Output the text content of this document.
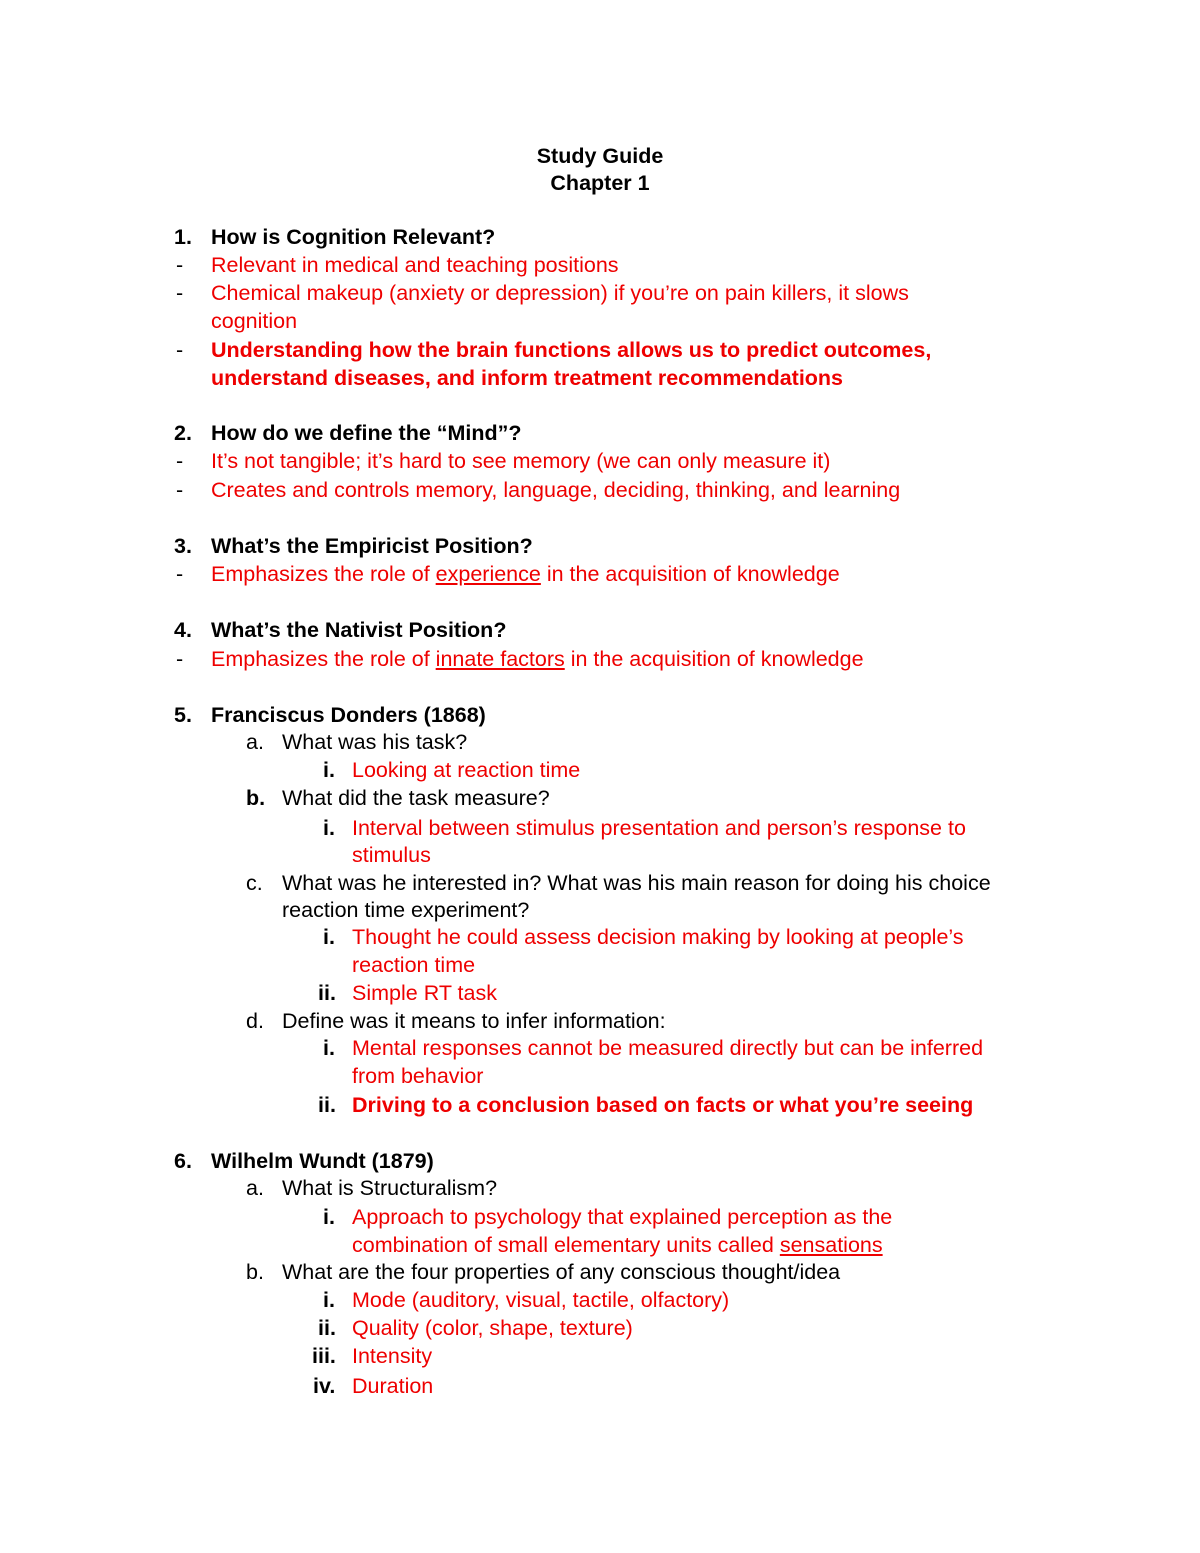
Study Guide
Chapter 1
1. How is Cognition Relevant?
- Relevant in medical and teaching positions
- Chemical makeup (anxiety or depression) if you’re on pain killers, it slows
cognition
- Understanding how the brain functions allows us to predict outcomes,
understand diseases, and inform treatment recommendations
2. How do we define the “Mind”?
- It’s not tangible; it’s hard to see memory (we can only measure it)
- Creates and controls memory, language, deciding, thinking, and learning
3. What’s the Empiricist Position?
- Emphasizes the role of experience in the acquisition of knowledge
4. What’s the Nativist Position?
- Emphasizes the role of innate factors in the acquisition of knowledge
5. Franciscus Donders (1868)
a. What was his task?
i. Looking at reaction time
b. What did the task measure?
i. Interval between stimulus presentation and person’s response to
stimulus
c. What was he interested in? What was his main reason for doing his choice
reaction time experiment?
i. Thought he could assess decision making by looking at people’s
reaction time
ii. Simple RT task
d. Define was it means to infer information:
i. Mental responses cannot be measured directly but can be inferred
from behavior
ii. Driving to a conclusion based on facts or what you’re seeing
6. Wilhelm Wundt (1879)
a. What is Structuralism?
i. Approach to psychology that explained perception as the
combination of small elementary units called sensations
b. What are the four properties of any conscious thought/idea
i. Mode (auditory, visual, tactile, olfactory)
ii. Quality (color, shape, texture)
iii. Intensity
iv. Duration
